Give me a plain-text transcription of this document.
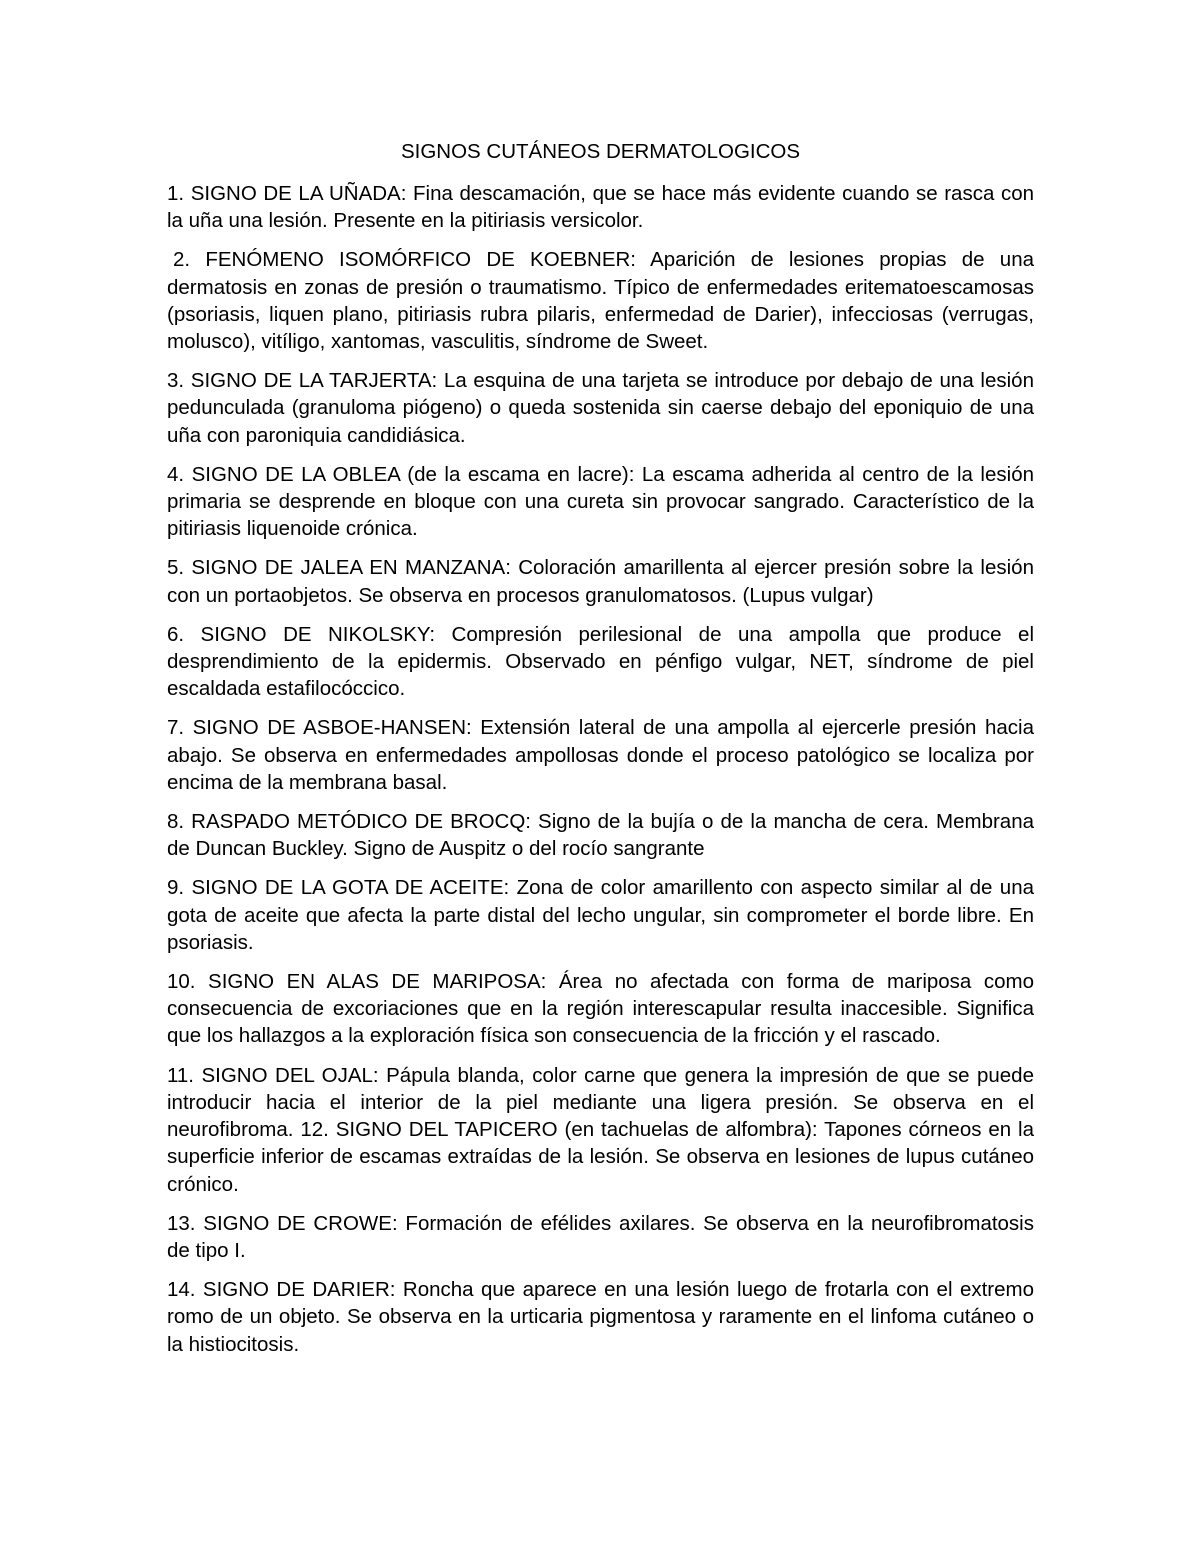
SIGNOS CUTÁNEOS DERMATOLOGICOS

1. SIGNO DE LA UÑADA: Fina descamación, que se hace más evidente cuando se rasca con la uña una lesión. Presente en la pitiriasis versicolor.

2. FENÓMENO ISOMÓRFICO DE KOEBNER: Aparición de lesiones propias de una dermatosis en zonas de presión o traumatismo. Típico de enfermedades eritematoescamosas (psoriasis, liquen plano, pitiriasis rubra pilaris, enfermedad de Darier), infecciosas (verrugas, molusco), vitíligo, xantomas, vasculitis, síndrome de Sweet.

3. SIGNO DE LA TARJERTA: La esquina de una tarjeta se introduce por debajo de una lesión pedunculada (granuloma piógeno) o queda sostenida sin caerse debajo del eponiquio de una uña con paroniquia candidiásica.

4. SIGNO DE LA OBLEA (de la escama en lacre): La escama adherida al centro de la lesión primaria se desprende en bloque con una cureta sin provocar sangrado. Característico de la pitiriasis liquenoide crónica.

5. SIGNO DE JALEA EN MANZANA: Coloración amarillenta al ejercer presión sobre la lesión con un portaobjetos. Se observa en procesos granulomatosos. (Lupus vulgar)

6. SIGNO DE NIKOLSKY: Compresión perilesional de una ampolla que produce el desprendimiento de la epidermis. Observado en pénfigo vulgar, NET, síndrome de piel escaldada estafilocóccico.

7. SIGNO DE ASBOE-HANSEN: Extensión lateral de una ampolla al ejercerle presión hacia abajo. Se observa en enfermedades ampollosas donde el proceso patológico se localiza por encima de la membrana basal.

8. RASPADO METÓDICO DE BROCQ: Signo de la bujía o de la mancha de cera. Membrana de Duncan Buckley. Signo de Auspitz o del rocío sangrante

9. SIGNO DE LA GOTA DE ACEITE: Zona de color amarillento con aspecto similar al de una gota de aceite que afecta la parte distal del lecho ungular, sin comprometer el borde libre. En psoriasis.

10. SIGNO EN ALAS DE MARIPOSA: Área no afectada con forma de mariposa como consecuencia de excoriaciones que en la región interescapular resulta inaccesible. Significa que los hallazgos a la exploración física son consecuencia de la fricción y el rascado.

11. SIGNO DEL OJAL: Pápula blanda, color carne que genera la impresión de que se puede introducir hacia el interior de la piel mediante una ligera presión. Se observa en el neurofibroma. 12. SIGNO DEL TAPICERO (en tachuelas de alfombra): Tapones córneos en la superficie inferior de escamas extraídas de la lesión. Se observa en lesiones de lupus cutáneo crónico.

13. SIGNO DE CROWE: Formación de efélides axilares. Se observa en la neurofibromatosis de tipo I.

14. SIGNO DE DARIER: Roncha que aparece en una lesión luego de frotarla con el extremo romo de un objeto. Se observa en la urticaria pigmentosa y raramente en el linfoma cutáneo o la histiocitosis.
